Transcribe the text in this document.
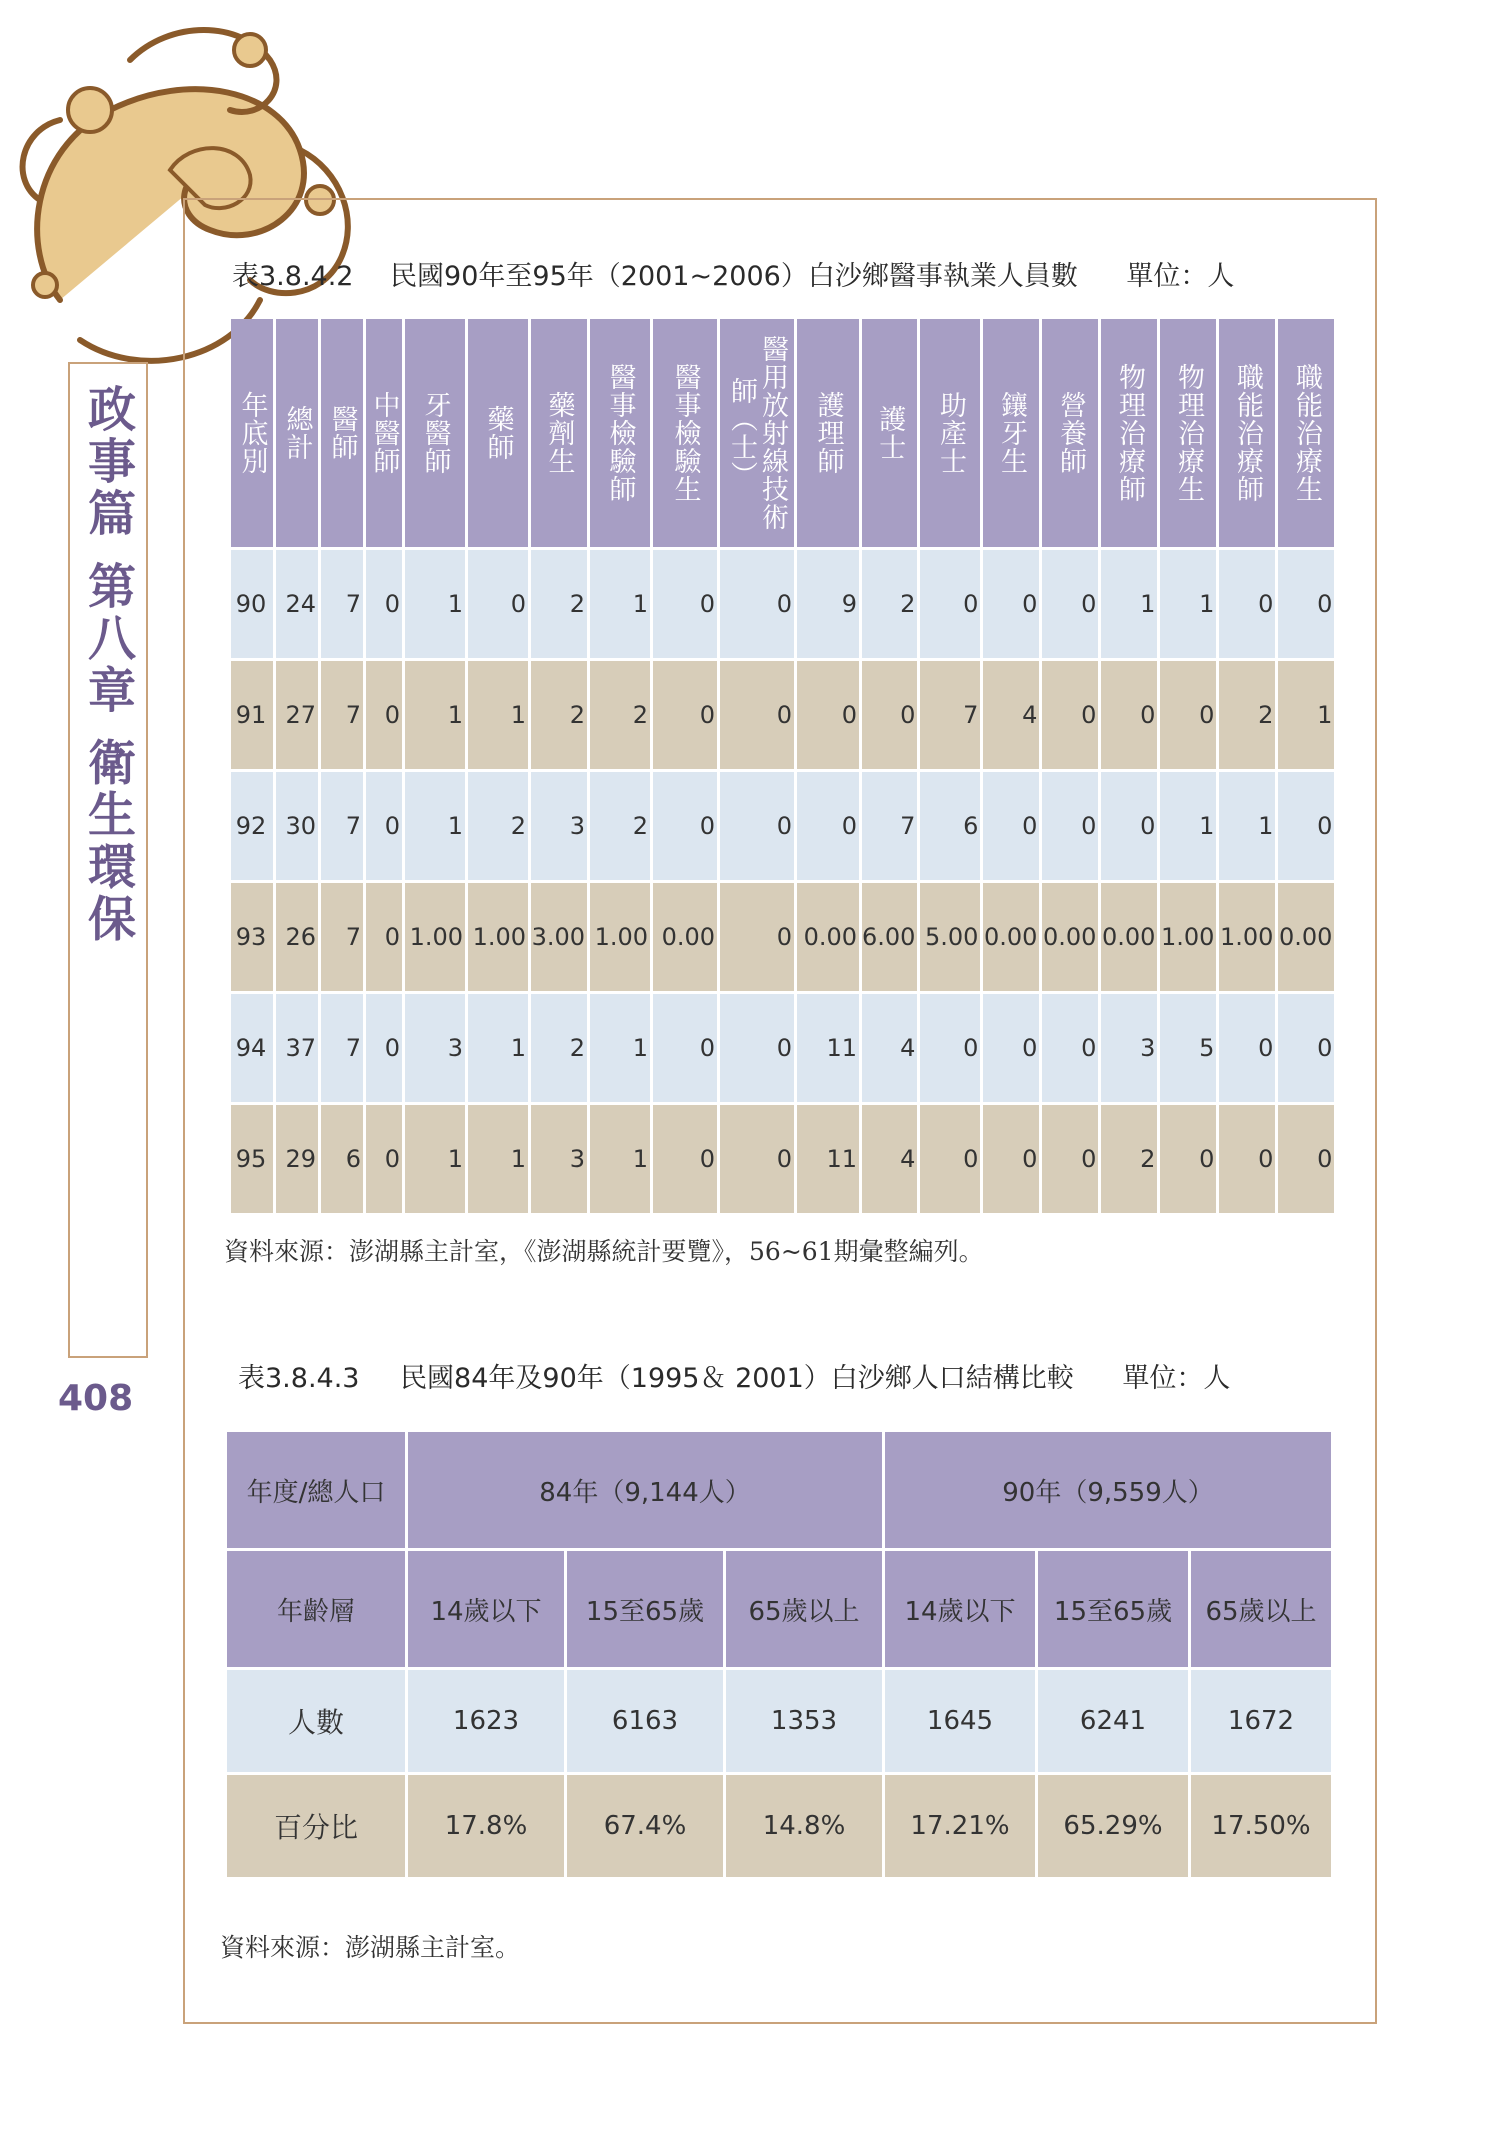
政事篇 第八章 衛生環保
408
表3.8.4.2 民國90年至95年（2001~2006）白沙鄉醫事執業人員數 單位：人
年底別	總計	醫師	中醫師	牙醫師	藥師	藥劑生	醫事檢驗師	醫事檢驗生	醫用放射線技術師（士）	護理師	護士	助產士	鑲牙生	營養師	物理治療師	物理治療生	職能治療師	職能治療生

90	24	7	0	1	0	2	1	0	0	9	2	0	0	0	1	1	0	0
91	27	7	0	1	1	2	2	0	0	0	0	7	4	0	0	0	2	1
92	30	7	0	1	2	3	2	0	0	0	7	6	0	0	0	1	1	0
93	26	7	0	1.00	1.00	3.00	1.00	0.00	0	0.00	6.00	5.00	0.00	0.00	0.00	1.00	1.00	0.00
94	37	7	0	3	1	2	1	0	0	11	4	0	0	0	3	5	0	0
95	29	6	0	1	1	3	1	0	0	11	4	0	0	0	2	0	0	0
資料來源：澎湖縣主計室，《澎湖縣統計要覽》，56~61期彙整編列。
表3.8.4.3 民國84年及90年（1995＆ 2001）白沙鄉人口結構比較 單位：人
年度/總人口	84年（9,144人）			90年（9,559人）		
年齡層	14歲以下	15至65歲	65歲以上	14歲以下	15至65歲	65歲以上
人數	1623	6163	1353	1645	6241	1672
百分比	17.8%	67.4%	14.8%	17.21%	65.29%	17.50%
資料來源：澎湖縣主計室。
